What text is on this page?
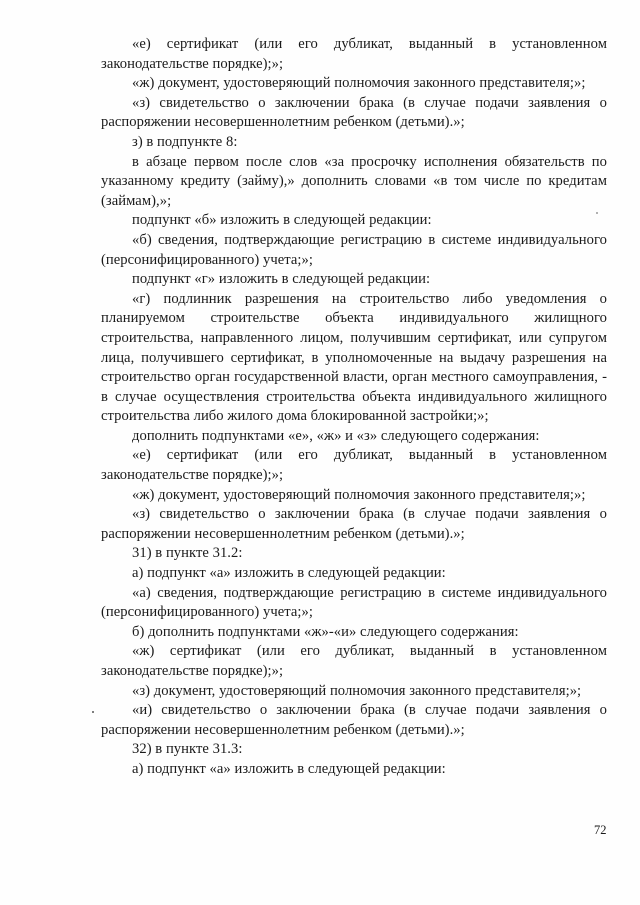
«е) сертификат (или его дубликат, выданный в установленном законодательстве порядке);»;

«ж) документ, удостоверяющий полномочия законного представителя;»;

«з) свидетельство о заключении брака (в случае подачи заявления о распоряжении несовершеннолетним ребенком (детьми).»;

з) в подпункте 8:

в абзаце первом после слов «за просрочку исполнения обязательств по указанному кредиту (займу),» дополнить словами «в том числе по кредитам (займам),»;

подпункт «б» изложить в следующей редакции:

«б) сведения, подтверждающие регистрацию в системе индивидуального (персонифицированного) учета;»;

подпункт «г» изложить в следующей редакции:

«г) подлинник разрешения на строительство либо уведомления о планируемом строительстве объекта индивидуального жилищного строительства, направленного лицом, получившим сертификат, или супругом лица, получившего сертификат, в уполномоченные на выдачу разрешения на строительство орган государственной власти, орган местного самоуправления, - в случае осуществления строительства объекта индивидуального жилищного строительства либо жилого дома блокированной застройки;»;

дополнить подпунктами «е», «ж» и «з» следующего содержания:

«е) сертификат (или его дубликат, выданный в установленном законодательстве порядке);»;

«ж) документ, удостоверяющий полномочия законного представителя;»;

«з) свидетельство о заключении брака (в случае подачи заявления о распоряжении несовершеннолетним ребенком (детьми).»;

31) в пункте 31.2:

а) подпункт «а» изложить в следующей редакции:

«а) сведения, подтверждающие регистрацию в системе индивидуального (персонифицированного) учета;»;

б) дополнить подпунктами «ж»-«и» следующего содержания:

«ж) сертификат (или его дубликат, выданный в установленном законодательстве порядке);»;

«з) документ, удостоверяющий полномочия законного представителя;»;

«и) свидетельство о заключении брака (в случае подачи заявления о распоряжении несовершеннолетним ребенком (детьми).»;

32) в пункте 31.3:

а) подпункт «а» изложить в следующей редакции:

72
